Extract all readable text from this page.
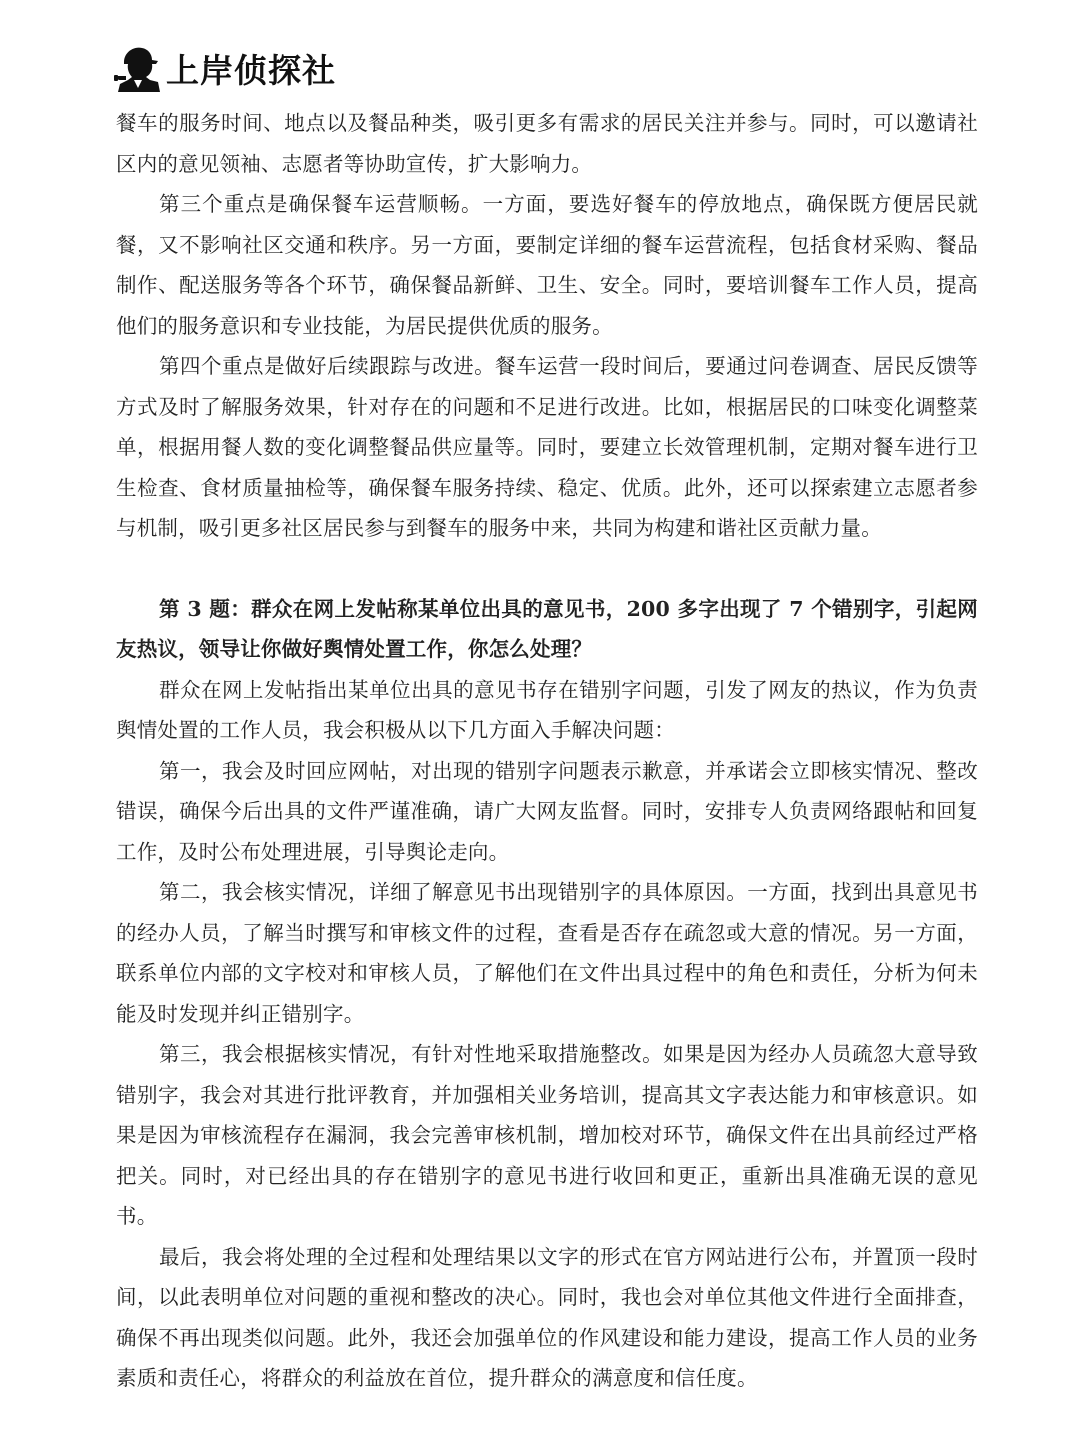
上岸侦探社

餐车的服务时间、地点以及餐品种类，吸引更多有需求的居民关注并参与。同时，可以邀请社区内的意见领袖、志愿者等协助宣传，扩大影响力。

第三个重点是确保餐车运营顺畅。一方面，要选好餐车的停放地点，确保既方便居民就餐，又不影响社区交通和秩序。另一方面，要制定详细的餐车运营流程，包括食材采购、餐品制作、配送服务等各个环节，确保餐品新鲜、卫生、安全。同时，要培训餐车工作人员，提高他们的服务意识和专业技能，为居民提供优质的服务。

第四个重点是做好后续跟踪与改进。餐车运营一段时间后，要通过问卷调查、居民反馈等方式及时了解服务效果，针对存在的问题和不足进行改进。比如，根据居民的口味变化调整菜单，根据用餐人数的变化调整餐品供应量等。同时，要建立长效管理机制，定期对餐车进行卫生检查、食材质量抽检等，确保餐车服务持续、稳定、优质。此外，还可以探索建立志愿者参与机制，吸引更多社区居民参与到餐车的服务中来，共同为构建和谐社区贡献力量。

第 3 题：群众在网上发帖称某单位出具的意见书，200 多字出现了 7 个错别字，引起网友热议，领导让你做好舆情处置工作，你怎么处理？

群众在网上发帖指出某单位出具的意见书存在错别字问题，引发了网友的热议，作为负责舆情处置的工作人员，我会积极从以下几方面入手解决问题：

第一，我会及时回应网帖，对出现的错别字问题表示歉意，并承诺会立即核实情况、整改错误，确保今后出具的文件严谨准确，请广大网友监督。同时，安排专人负责网络跟帖和回复工作，及时公布处理进展，引导舆论走向。

第二，我会核实情况，详细了解意见书出现错别字的具体原因。一方面，找到出具意见书的经办人员，了解当时撰写和审核文件的过程，查看是否存在疏忽或大意的情况。另一方面，联系单位内部的文字校对和审核人员，了解他们在文件出具过程中的角色和责任，分析为何未能及时发现并纠正错别字。

第三，我会根据核实情况，有针对性地采取措施整改。如果是因为经办人员疏忽大意导致错别字，我会对其进行批评教育，并加强相关业务培训，提高其文字表达能力和审核意识。如果是因为审核流程存在漏洞，我会完善审核机制，增加校对环节，确保文件在出具前经过严格把关。同时，对已经出具的存在错别字的意见书进行收回和更正，重新出具准确无误的意见书。

最后，我会将处理的全过程和处理结果以文字的形式在官方网站进行公布，并置顶一段时间，以此表明单位对问题的重视和整改的决心。同时，我也会对单位其他文件进行全面排查，确保不再出现类似问题。此外，我还会加强单位的作风建设和能力建设，提高工作人员的业务素质和责任心，将群众的利益放在首位，提升群众的满意度和信任度。
